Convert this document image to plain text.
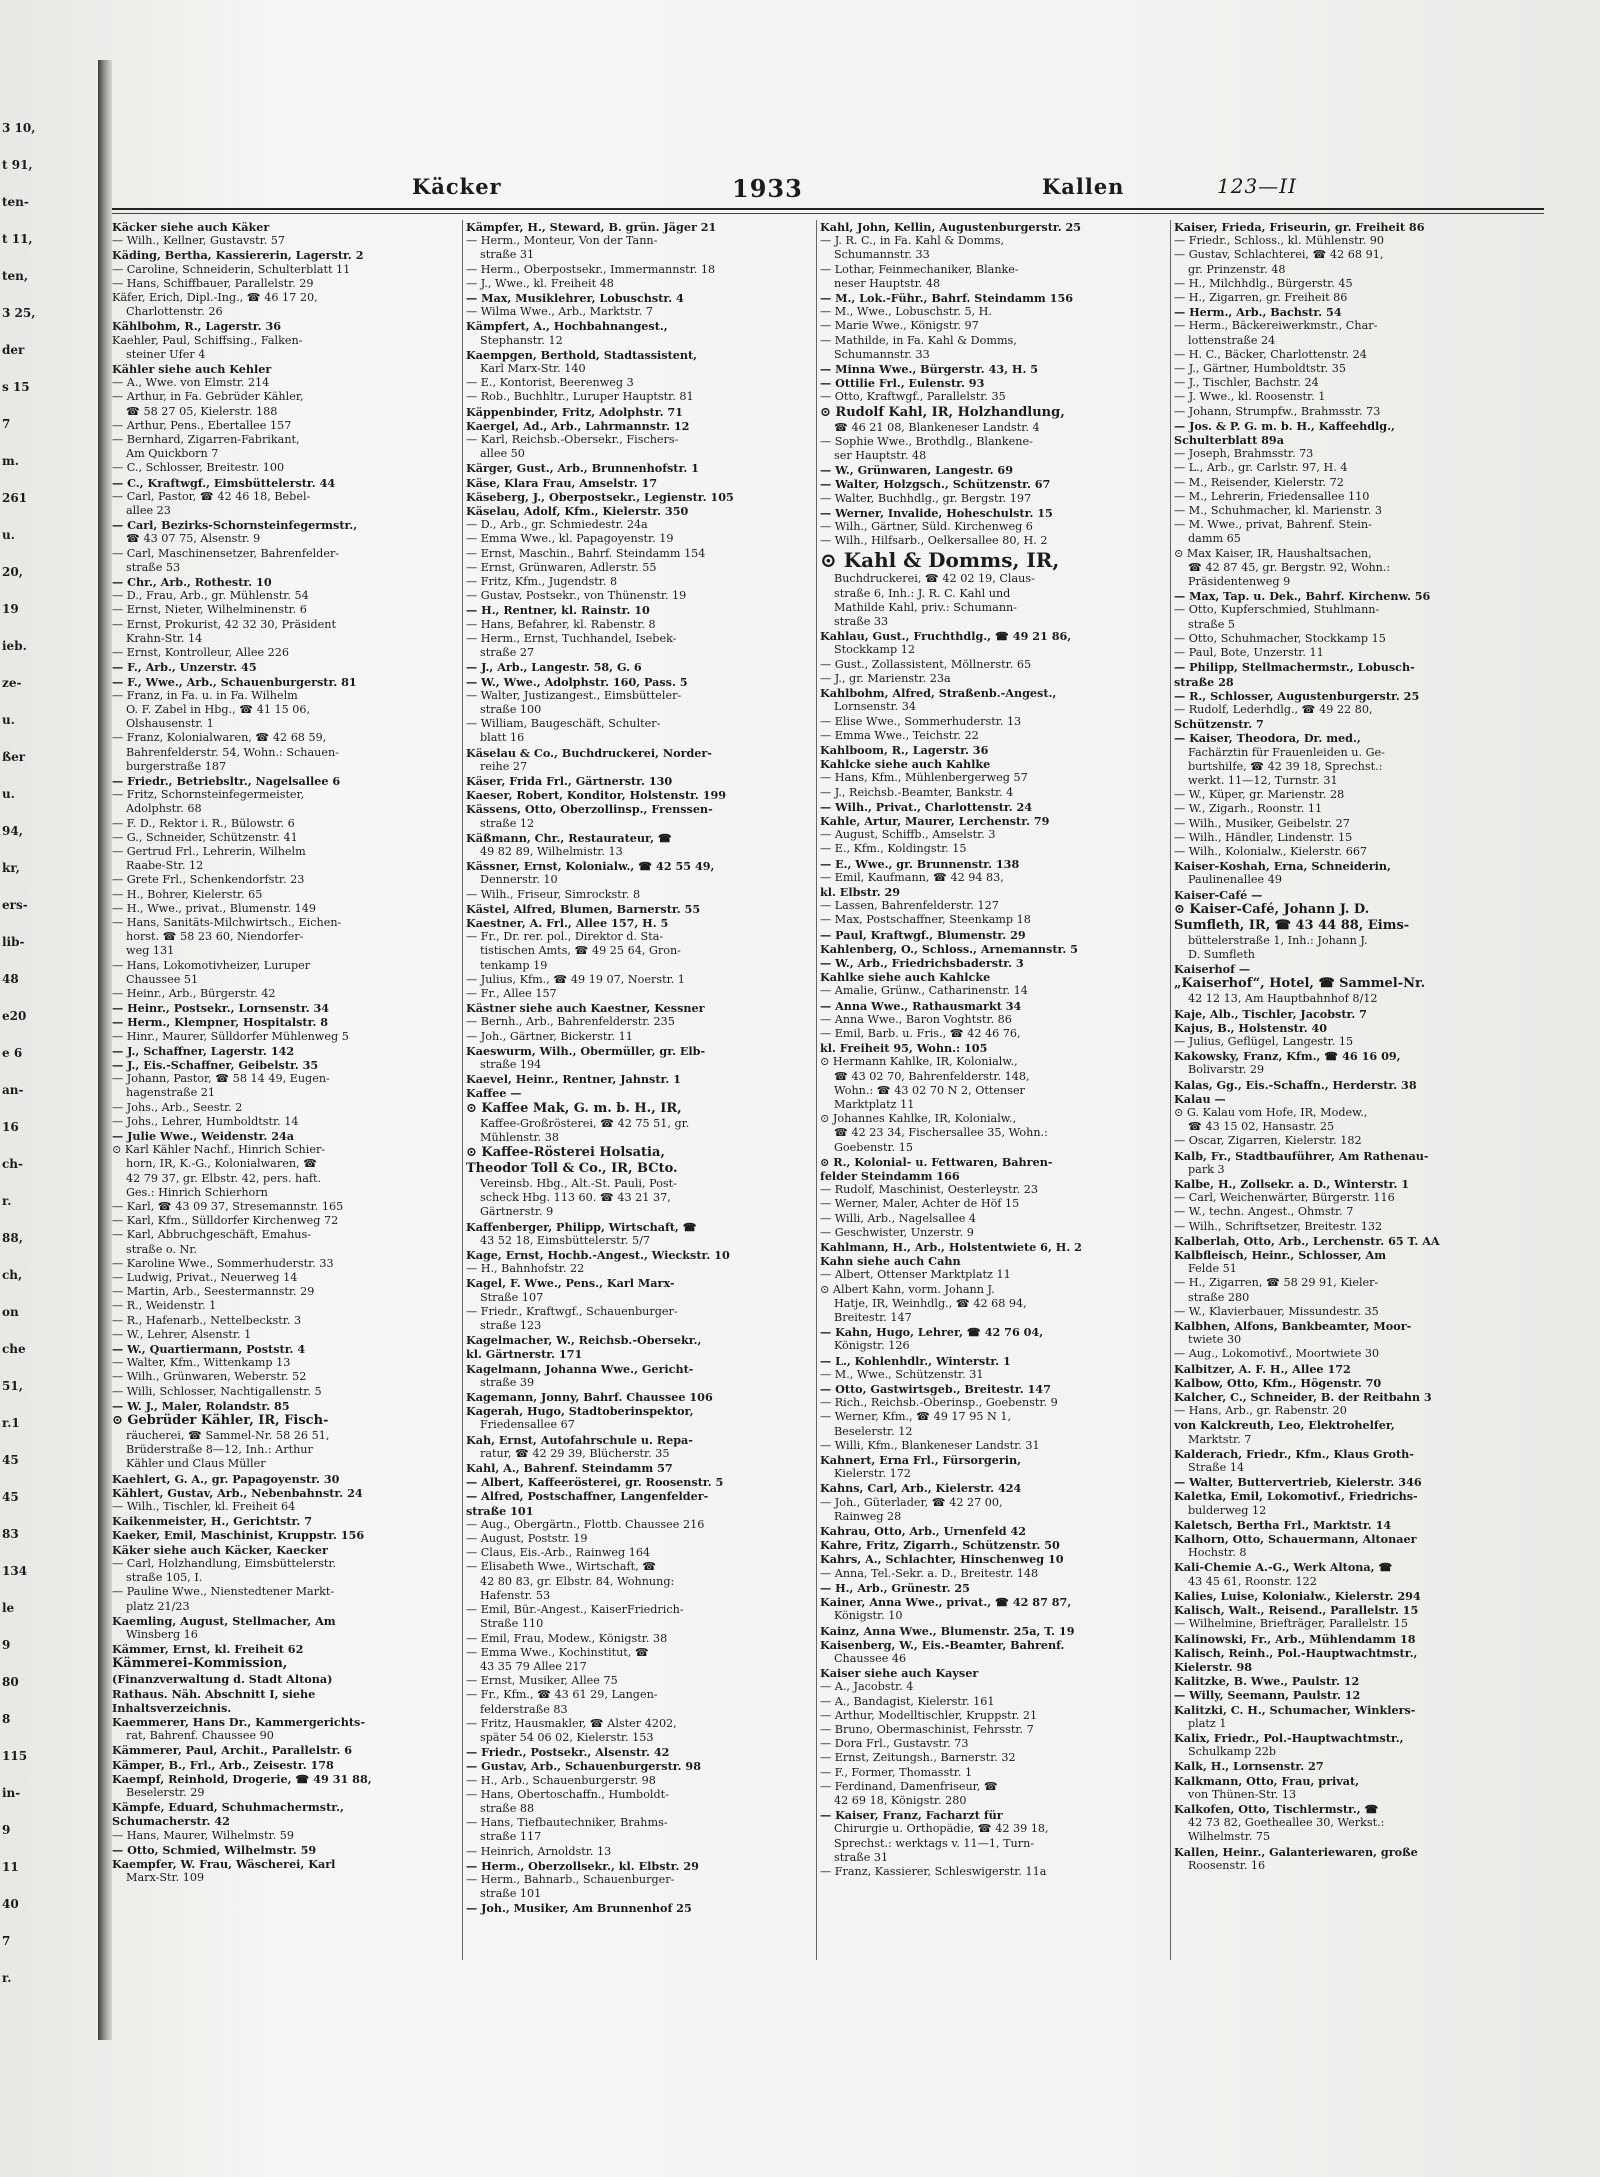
3 10,
t 91,
ten-
t 11,
ten,
3 25,
der
s 15
7
m.
261
u.
20,
19
ieb.
ze-
u.
ßer
u.
94,
kr,
ers-
lib-
48
e20
e 6
an-
16
ch-
r.
88,
ch,
on
che
51,
r.1
45
45
83
134
le
9
80
8
115
in-
9
11
40
7
r.
Käcker	1933	Kallen	123—II

Käcker siehe auch Käker

— Wilh., Kellner, Gustavstr. 57

Käding, Bertha, Kassiererin, Lagerstr. 2

— Caroline, Schneiderin, Schulterblatt 11

— Hans, Schiffbauer, Parallelstr. 29

Käfer, Erich, Dipl.-Ing., ☎ 46 17 20,

Charlottenstr. 26

Kählbohm, R., Lagerstr. 36

Kaehler, Paul, Schiffsing., Falken-

steiner Ufer 4

Kähler siehe auch Kehler

— A., Wwe. von Elmstr. 214

— Arthur, in Fa. Gebrüder Kähler,

☎ 58 27 05, Kielerstr. 188

— Arthur, Pens., Ebertallee 157

— Bernhard, Zigarren-Fabrikant,

Am Quickborn 7

— C., Schlosser, Breitestr. 100

— C., Kraftwgf., Eimsbüttelerstr. 44

— Carl, Pastor, ☎ 42 46 18, Bebel-

allee 23

— Carl, Bezirks-Schornsteinfegermstr.,

☎ 43 07 75, Alsenstr. 9

— Carl, Maschinensetzer, Bahrenfelder-

straße 53

— Chr., Arb., Rothestr. 10

— D., Frau, Arb., gr. Mühlenstr. 54

— Ernst, Nieter, Wilhelminenstr. 6

— Ernst, Prokurist, 42 32 30, Präsident

Krahn-Str. 14

— Ernst, Kontrolleur, Allee 226

— F., Arb., Unzerstr. 45

— F., Wwe., Arb., Schauenburgerstr. 81

— Franz, in Fa. u. in Fa. Wilhelm

O. F. Zabel in Hbg., ☎ 41 15 06,

Olshausenstr. 1

— Franz, Kolonialwaren, ☎ 42 68 59,

Bahrenfelderstr. 54, Wohn.: Schauen-

burgerstraße 187

— Friedr., Betriebsltr., Nagelsallee 6

— Fritz, Schornsteinfegermeister,

Adolphstr. 68

— F. D., Rektor i. R., Bülowstr. 6

— G., Schneider, Schützenstr. 41

— Gertrud Frl., Lehrerin, Wilhelm

Raabe-Str. 12

— Grete Frl., Schenkendorfstr. 23

— H., Bohrer, Kielerstr. 65

— H., Wwe., privat., Blumenstr. 149

— Hans, Sanitäts-Milchwirtsch., Eichen-

horst. ☎ 58 23 60, Niendorfer-

weg 131

— Hans, Lokomotivheizer, Luruper

Chaussee 51

— Heinr., Arb., Bürgerstr. 42

— Heinr., Postsekr., Lornsenstr. 34

— Herm., Klempner, Hospitalstr. 8

— Hinr., Maurer, Sülldorfer Mühlenweg 5

— J., Schaffner, Lagerstr. 142

— J., Eis.-Schaffner, Geibelstr. 35

— Johann, Pastor, ☎ 58 14 49, Eugen-

hagenstraße 21

— Johs., Arb., Seestr. 2

— Johs., Lehrer, Humboldtstr. 14

— Julie Wwe., Weidenstr. 24a

⊙ Karl Kähler Nachf., Hinrich Schier-

horn, IR, K.-G., Kolonialwaren, ☎

42 79 37, gr. Elbstr. 42, pers. haft.

Ges.: Hinrich Schierhorn

— Karl, ☎ 43 09 37, Stresemannstr. 165

— Karl, Kfm., Sülldorfer Kirchenweg 72

— Karl, Abbruchgeschäft, Emahus-

straße o. Nr.

— Karoline Wwe., Sommerhuderstr. 33

— Ludwig, Privat., Neuerweg 14

— Martin, Arb., Seestermannstr. 29

— R., Weidenstr. 1

— R., Hafenarb., Nettelbeckstr. 3

— W., Lehrer, Alsenstr. 1

— W., Quartiermann, Poststr. 4

— Walter, Kfm., Wittenkamp 13

— Wilh., Grünwaren, Weberstr. 52

— Willi, Schlosser, Nachtigallenstr. 5

— W. J., Maler, Rolandstr. 85

⊙ Gebrüder Kähler, IR, Fisch-

räucherei, ☎ Sammel-Nr. 58 26 51,

Brüderstraße 8—12, Inh.: Arthur

Kähler und Claus Müller

Kaehlert, G. A., gr. Papagoyenstr. 30

Kählert, Gustav, Arb., Nebenbahnstr. 24

— Wilh., Tischler, kl. Freiheit 64

Kaikenmeister, H., Gerichtstr. 7

Kaeker, Emil, Maschinist, Kruppstr. 156

Käker siehe auch Käcker, Kaecker

— Carl, Holzhandlung, Eimsbüttelerstr.

straße 105, I.

— Pauline Wwe., Nienstedtener Markt-

platz 21/23

Kaemling, August, Stellmacher, Am

Winsberg 16

Kämmer, Ernst, kl. Freiheit 62

Kämmerei-Kommission,

(Finanzverwaltung d. Stadt Altona)

Rathaus. Näh. Abschnitt I, siehe

Inhaltsverzeichnis.

Kaemmerer, Hans Dr., Kammergerichts-

rat, Bahrenf. Chaussee 90

Kämmerer, Paul, Archit., Parallelstr. 6

Kämper, B., Frl., Arb., Zeisestr. 178

Kaempf, Reinhold, Drogerie, ☎ 49 31 88,

Beselerstr. 29

Kämpfe, Eduard, Schuhmachermstr.,

Schumacherstr. 42

— Hans, Maurer, Wilhelmstr. 59

— Otto, Schmied, Wilhelmstr. 59

Kaempfer, W. Frau, Wäscherei, Karl

Marx-Str. 109

Kämpfer, H., Steward, B. grün. Jäger 21

— Herm., Monteur, Von der Tann-

straße 31

— Herm., Oberpostsekr., Immermannstr. 18

— J., Wwe., kl. Freiheit 48

— Max, Musiklehrer, Lobuschstr. 4

— Wilma Wwe., Arb., Marktstr. 7

Kämpfert, A., Hochbahnangest.,

Stephanstr. 12

Kaempgen, Berthold, Stadtassistent,

Karl Marx-Str. 140

— E., Kontorist, Beerenweg 3

— Rob., Buchhltr., Luruper Hauptstr. 81

Käppenbinder, Fritz, Adolphstr. 71

Kaergel, Ad., Arb., Lahrmannstr. 12

— Karl, Reichsb.-Obersekr., Fischers-

allee 50

Kärger, Gust., Arb., Brunnenhofstr. 1

Käse, Klara Frau, Amselstr. 17

Käseberg, J., Oberpostsekr., Legienstr. 105

Käselau, Adolf, Kfm., Kielerstr. 350

— D., Arb., gr. Schmiedestr. 24a

— Emma Wwe., kl. Papagoyenstr. 19

— Ernst, Maschin., Bahrf. Steindamm 154

— Ernst, Grünwaren, Adlerstr. 55

— Fritz, Kfm., Jugendstr. 8

— Gustav, Postsekr., von Thünenstr. 19

— H., Rentner, kl. Rainstr. 10

— Hans, Befahrer, kl. Rabenstr. 8

— Herm., Ernst, Tuchhandel, Isebek-

straße 27

— J., Arb., Langestr. 58, G. 6

— W., Wwe., Adolphstr. 160, Pass. 5

— Walter, Justizangest., Eimsbütteler-

straße 100

— William, Baugeschäft, Schulter-

blatt 16

Käselau & Co., Buchdruckerei, Norder-

reihe 27

Käser, Frida Frl., Gärtnerstr. 130

Kaeser, Robert, Konditor, Holstenstr. 199

Kässens, Otto, Oberzollinsp., Frenssen-

straße 12

Käßmann, Chr., Restaurateur, ☎

49 82 89, Wilhelmistr. 13

Kässner, Ernst, Kolonialw., ☎ 42 55 49,

Dennerstr. 10

— Wilh., Friseur, Simrockstr. 8

Kästel, Alfred, Blumen, Barnerstr. 55

Kaestner, A. Frl., Allee 157, H. 5

— Fr., Dr. rer. pol., Direktor d. Sta-

tistischen Amts, ☎ 49 25 64, Gron-

tenkamp 19

— Julius, Kfm., ☎ 49 19 07, Noerstr. 1

— Fr., Allee 157

Kästner siehe auch Kaestner, Kessner

— Bernh., Arb., Bahrenfelderstr. 235

— Joh., Gärtner, Bickerstr. 11

Kaeswurm, Wilh., Obermüller, gr. Elb-

straße 194

Kaevel, Heinr., Rentner, Jahnstr. 1

Kaffee —

⊙ Kaffee Mak, G. m. b. H., IR,

Kaffee-Großrösterei, ☎ 42 75 51, gr.

Mühlenstr. 38

⊙ Kaffee-Rösterei Holsatia,

Theodor Toll & Co., IR, BCto.

Vereinsb. Hbg., Alt.-St. Pauli, Post-

scheck Hbg. 113 60. ☎ 43 21 37,

Gärtnerstr. 9

Kaffenberger, Philipp, Wirtschaft, ☎

43 52 18, Eimsbüttelerstr. 5/7

Kage, Ernst, Hochb.-Angest., Wieckstr. 10

— H., Bahnhofstr. 22

Kagel, F. Wwe., Pens., Karl Marx-

Straße 107

— Friedr., Kraftwgf., Schauenburger-

straße 123

Kagelmacher, W., Reichsb.-Obersekr.,

kl. Gärtnerstr. 171

Kagelmann, Johanna Wwe., Gericht-

straße 39

Kagemann, Jonny, Bahrf. Chaussee 106

Kagerah, Hugo, Stadtoberinspektor,

Friedensallee 67

Kah, Ernst, Autofahrschule u. Repa-

ratur, ☎ 42 29 39, Blücherstr. 35

Kahl, A., Bahrenf. Steindamm 57

— Albert, Kaffeerösterei, gr. Roosenstr. 5

— Alfred, Postschaffner, Langenfelder-

straße 101

— Aug., Obergärtn., Flottb. Chaussee 216

— August, Poststr. 19

— Claus, Eis.-Arb., Rainweg 164

— Elisabeth Wwe., Wirtschaft, ☎

42 80 83, gr. Elbstr. 84, Wohnung:

Hafenstr. 53

— Emil, Bür.-Angest., KaiserFriedrich-

Straße 110

— Emil, Frau, Modew., Königstr. 38

— Emma Wwe., Kochinstitut, ☎

43 35 79 Allee 217

— Ernst, Musiker, Allee 75

— Fr., Kfm., ☎ 43 61 29, Langen-

felderstraße 83

— Fritz, Hausmakler, ☎ Alster 4202,

später 54 06 02, Kielerstr. 153

— Friedr., Postsekr., Alsenstr. 42

— Gustav, Arb., Schauenburgerstr. 98

— H., Arb., Schauenburgerstr. 98

— Hans, Obertoschaffn., Humboldt-

straße 88

— Hans, Tiefbautechniker, Brahms-

straße 117

— Heinrich, Arnoldstr. 13

— Herm., Oberzollsekr., kl. Elbstr. 29

— Herm., Bahnarb., Schauenburger-

straße 101

— Joh., Musiker, Am Brunnenhof 25

Kahl, John, Kellin, Augustenburgerstr. 25

— J. R. C., in Fa. Kahl & Domms,

Schumannstr. 33

— Lothar, Feinmechaniker, Blanke-

neser Hauptstr. 48

— M., Lok.-Führ., Bahrf. Steindamm 156

— M., Wwe., Lobuschstr. 5, H.

— Marie Wwe., Königstr. 97

— Mathilde, in Fa. Kahl & Domms,

Schumannstr. 33

— Minna Wwe., Bürgerstr. 43, H. 5

— Ottilie Frl., Eulenstr. 93

— Otto, Kraftwgf., Parallelstr. 35

⊙ Rudolf Kahl, IR, Holzhandlung,

☎ 46 21 08, Blankeneser Landstr. 4

— Sophie Wwe., Brothdlg., Blankene-

ser Hauptstr. 48

— W., Grünwaren, Langestr. 69

— Walter, Holzgsch., Schützenstr. 67

— Walter, Buchhdlg., gr. Bergstr. 197

— Werner, Invalide, Hoheschulstr. 15

— Wilh., Gärtner, Süld. Kirchenweg 6

— Wilh., Hilfsarb., Oelkersallee 80, H. 2

⊙ Kahl & Domms, IR,

Buchdruckerei, ☎ 42 02 19, Claus-

straße 6, Inh.: J. R. C. Kahl und

Mathilde Kahl, priv.: Schumann-

straße 33

Kahlau, Gust., Fruchthdlg., ☎ 49 21 86,

Stockkamp 12

— Gust., Zollassistent, Möllnerstr. 65

— J., gr. Marienstr. 23a

Kahlbohm, Alfred, Straßenb.-Angest.,

Lornsenstr. 34

— Elise Wwe., Sommerhuderstr. 13

— Emma Wwe., Teichstr. 22

Kahlboom, R., Lagerstr. 36

Kahlcke siehe auch Kahlke

— Hans, Kfm., Mühlenbergerweg 57

— J., Reichsb.-Beamter, Bankstr. 4

— Wilh., Privat., Charlottenstr. 24

Kahle, Artur, Maurer, Lerchenstr. 79

— August, Schiffb., Amselstr. 3

— E., Kfm., Koldingstr. 15

— E., Wwe., gr. Brunnenstr. 138

— Emil, Kaufmann, ☎ 42 94 83,

kl. Elbstr. 29

— Lassen, Bahrenfelderstr. 127

— Max, Postschaffner, Steenkamp 18

— Paul, Kraftwgf., Blumenstr. 29

Kahlenberg, O., Schloss., Arnemannstr. 5

— W., Arb., Friedrichsbaderstr. 3

Kahlke siehe auch Kahlcke

— Amalie, Grünw., Catharinenstr. 14

— Anna Wwe., Rathausmarkt 34

— Anna Wwe., Baron Voghtstr. 86

— Emil, Barb. u. Fris., ☎ 42 46 76,

kl. Freiheit 95, Wohn.: 105

⊙ Hermann Kahlke, IR, Kolonialw.,

☎ 43 02 70, Bahrenfelderstr. 148,

Wohn.: ☎ 43 02 70 N 2, Ottenser

Marktplatz 11

⊙ Johannes Kahlke, IR, Kolonialw.,

☎ 42 23 34, Fischersallee 35, Wohn.:

Goebenstr. 15

⊙ R., Kolonial- u. Fettwaren, Bahren-

felder Steindamm 166

— Rudolf, Maschinist, Oesterleystr. 23

— Werner, Maler, Achter de Höf 15

— Willi, Arb., Nagelsallee 4

— Geschwister, Unzerstr. 9

Kahlmann, H., Arb., Holstentwiete 6, H. 2

Kahn siehe auch Cahn

— Albert, Ottenser Marktplatz 11

⊙ Albert Kahn, vorm. Johann J.

Hatje, IR, Weinhdlg., ☎ 42 68 94,

Breitestr. 147

— Kahn, Hugo, Lehrer, ☎ 42 76 04,

Königstr. 126

— L., Kohlenhdlr., Winterstr. 1

— M., Wwe., Schützenstr. 31

— Otto, Gastwirtsgeb., Breitestr. 147

— Rich., Reichsb.-Oberinsp., Goebenstr. 9

— Werner, Kfm., ☎ 49 17 95 N 1,

Beselerstr. 12

— Willi, Kfm., Blankeneser Landstr. 31

Kahnert, Erna Frl., Fürsorgerin,

Kielerstr. 172

Kahns, Carl, Arb., Kielerstr. 424

— Joh., Güterlader, ☎ 42 27 00,

Rainweg 28

Kahrau, Otto, Arb., Urnenfeld 42

Kahre, Fritz, Zigarrh., Schützenstr. 50

Kahrs, A., Schlachter, Hinschenweg 10

— Anna, Tel.-Sekr. a. D., Breitestr. 148

— H., Arb., Grünestr. 25

Kainer, Anna Wwe., privat., ☎ 42 87 87,

Königstr. 10

Kainz, Anna Wwe., Blumenstr. 25a, T. 19

Kaisenberg, W., Eis.-Beamter, Bahrenf.

Chaussee 46

Kaiser siehe auch Kayser

— A., Jacobstr. 4

— A., Bandagist, Kielerstr. 161

— Arthur, Modelltischler, Kruppstr. 21

— Bruno, Obermaschinist, Fehrsstr. 7

— Dora Frl., Gustavstr. 73

— Ernst, Zeitungsh., Barnerstr. 32

— F., Former, Thomasstr. 1

— Ferdinand, Damenfriseur, ☎

42 69 18, Königstr. 280

— Kaiser, Franz, Facharzt für

Chirurgie u. Orthopädie, ☎ 42 39 18,

Sprechst.: werktags v. 11—1, Turn-

straße 31

— Franz, Kassierer, Schleswigerstr. 11a

Kaiser, Frieda, Friseurin, gr. Freiheit 86

— Friedr., Schloss., kl. Mühlenstr. 90

— Gustav, Schlachterei, ☎ 42 68 91,

gr. Prinzenstr. 48

— H., Milchhdlg., Bürgerstr. 45

— H., Zigarren, gr. Freiheit 86

— Herm., Arb., Bachstr. 54

— Herm., Bäckereiwerkmstr., Char-

lottenstraße 24

— H. C., Bäcker, Charlottenstr. 24

— J., Gärtner, Humboldtstr. 35

— J., Tischler, Bachstr. 24

— J. Wwe., kl. Roosenstr. 1

— Johann, Strumpfw., Brahmsstr. 73

— Jos. & P. G. m. b. H., Kaffeehdlg.,

Schulterblatt 89a

— Joseph, Brahmsstr. 73

— L., Arb., gr. Carlstr. 97, H. 4

— M., Reisender, Kielerstr. 72

— M., Lehrerin, Friedensallee 110

— M., Schuhmacher, kl. Marienstr. 3

— M. Wwe., privat, Bahrenf. Stein-

damm 65

⊙ Max Kaiser, IR, Haushaltsachen,

☎ 42 87 45, gr. Bergstr. 92, Wohn.:

Präsidentenweg 9

— Max, Tap. u. Dek., Bahrf. Kirchenw. 56

— Otto, Kupferschmied, Stuhlmann-

straße 5

— Otto, Schuhmacher, Stockkamp 15

— Paul, Bote, Unzerstr. 11

— Philipp, Stellmachermstr., Lobusch-

straße 28

— R., Schlosser, Augustenburgerstr. 25

— Rudolf, Lederhdlg., ☎ 49 22 80,

Schützenstr. 7

— Kaiser, Theodora, Dr. med.,

Fachärztin für Frauenleiden u. Ge-

burtshilfe, ☎ 42 39 18, Sprechst.:

werkt. 11—12, Turnstr. 31

— W., Küper, gr. Marienstr. 28

— W., Zigarh., Roonstr. 11

— Wilh., Musiker, Geibelstr. 27

— Wilh., Händler, Lindenstr. 15

— Wilh., Kolonialw., Kielerstr. 667

Kaiser-Koshah, Erna, Schneiderin,

Paulinenallee 49

Kaiser-Café —

⊙ Kaiser-Café, Johann J. D.

Sumfleth, IR, ☎ 43 44 88, Eims-

büttelerstraße 1, Inh.: Johann J.

D. Sumfleth

Kaiserhof —

„Kaiserhof“, Hotel, ☎ Sammel-Nr.

42 12 13, Am Hauptbahnhof 8/12

Kaje, Alb., Tischler, Jacobstr. 7

Kajus, B., Holstenstr. 40

— Julius, Geflügel, Langestr. 15

Kakowsky, Franz, Kfm., ☎ 46 16 09,

Bolivarstr. 29

Kalas, Gg., Eis.-Schaffn., Herderstr. 38

Kalau —

⊙ G. Kalau vom Hofe, IR, Modew.,

☎ 43 15 02, Hansastr. 25

— Oscar, Zigarren, Kielerstr. 182

Kalb, Fr., Stadtbauführer, Am Rathenau-

park 3

Kalbe, H., Zollsekr. a. D., Winterstr. 1

— Carl, Weichenwärter, Bürgerstr. 116

— W., techn. Angest., Ohmstr. 7

— Wilh., Schriftsetzer, Breitestr. 132

Kalberlah, Otto, Arb., Lerchenstr. 65 T. AA

Kalbfleisch, Heinr., Schlosser, Am

Felde 51

— H., Zigarren, ☎ 58 29 91, Kieler-

straße 280

— W., Klavierbauer, Missundestr. 35

Kalbhen, Alfons, Bankbeamter, Moor-

twiete 30

— Aug., Lokomotivf., Moortwiete 30

Kalbitzer, A. F. H., Allee 172

Kalbow, Otto, Kfm., Högenstr. 70

Kalcher, C., Schneider, B. der Reitbahn 3

— Hans, Arb., gr. Rabenstr. 20

von Kalckreuth, Leo, Elektrohelfer,

Marktstr. 7

Kalderach, Friedr., Kfm., Klaus Groth-

Straße 14

— Walter, Buttervertrieb, Kielerstr. 346

Kaletka, Emil, Lokomotivf., Friedrichs-

bulderweg 12

Kaletsch, Bertha Frl., Marktstr. 14

Kalhorn, Otto, Schauermann, Altonaer

Hochstr. 8

Kali-Chemie A.-G., Werk Altona, ☎

43 45 61, Roonstr. 122

Kalies, Luise, Kolonialw., Kielerstr. 294

Kalisch, Walt., Reisend., Parallelstr. 15

— Wilhelmine, Briefträger, Parallelstr. 15

Kalinowski, Fr., Arb., Mühlendamm 18

Kalisch, Reinh., Pol.-Hauptwachtmstr.,

Kielerstr. 98

Kalitzke, B. Wwe., Paulstr. 12

— Willy, Seemann, Paulstr. 12

Kalitzki, C. H., Schumacher, Winklers-

platz 1

Kalix, Friedr., Pol.-Hauptwachtmstr.,

Schulkamp 22b

Kalk, H., Lornsenstr. 27

Kalkmann, Otto, Frau, privat,

von Thünen-Str. 13

Kalkofen, Otto, Tischlermstr., ☎

42 73 82, Goetheallee 30, Werkst.:

Wilhelmstr. 75

Kallen, Heinr., Galanteriewaren, große

Roosenstr. 16
